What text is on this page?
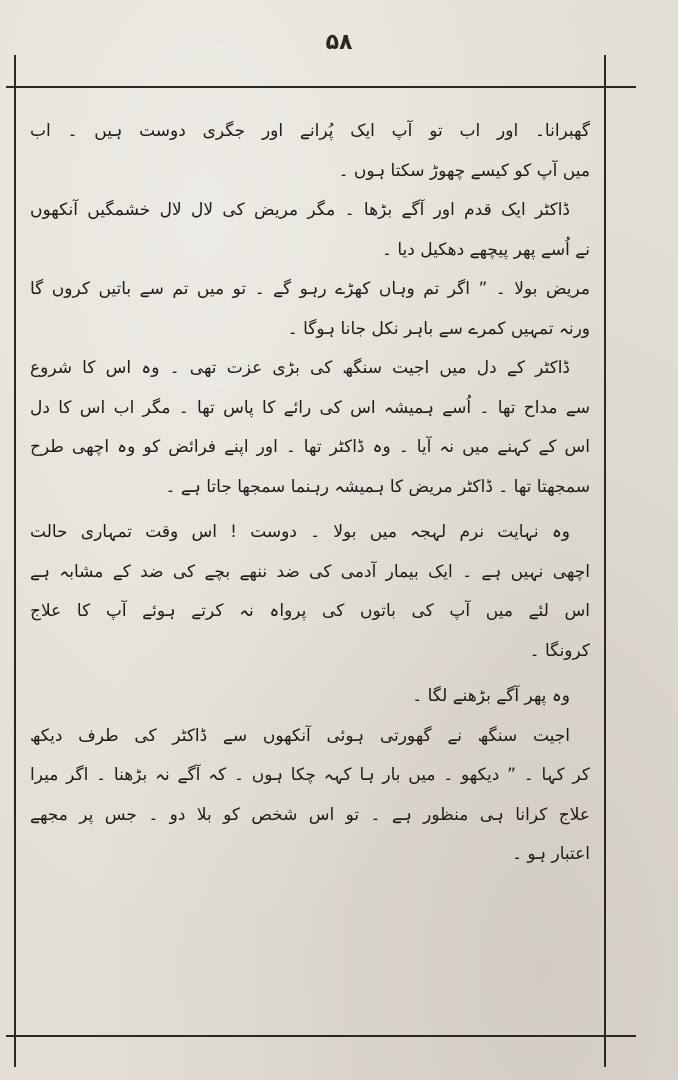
۵۸
گھبرانا۔ اور اب تو آپ ایک پُرانے اور جگری دوست ہیں ۔ اب
میں آپ کو کیسے چھوڑ سکتا ہوں ۔
ڈاکٹر ایک قدم اور آگے بڑھا ۔ مگر مریض کی لال لال خشمگیں آنکھوں
نے اُسے پھر پیچھے دھکیل دیا ۔
مریض بولا ۔ ” اگر تم وہاں کھڑے رہو گے ۔ تو میں تم سے باتیں کروں گا
ورنہ تمہیں کمرے سے باہر نکل جانا ہوگا ۔
ڈاکٹر کے دل میں اجیت سنگھ کی بڑی عزت تھی ۔ وہ اس کا شروع
سے مداح تھا ۔ اُسے ہمیشہ اس کی رائے کا پاس تھا ۔ مگر اب اس کا دل
اس کے کہنے میں نہ آیا ۔ وہ ڈاکٹر تھا ۔ اور اپنے فرائض کو وہ اچھی طرح
سمجھتا تھا ۔ ڈاکٹر مریض کا ہمیشہ رہنما سمجھا جاتا ہے ۔
وہ نہایت نرم لہجہ میں بولا ۔ دوست ! اس وقت تمہاری حالت
اچھی نہیں ہے ۔ ایک بیمار آدمی کی ضد ننھے بچے کی ضد کے مشابہ ہے
اس لئے میں آپ کی باتوں کی پرواہ نہ کرتے ہوئے آپ کا علاج
کرونگا ۔
وہ پھر آگے بڑھنے لگا ۔
اجیت سنگھ نے گھورتی ہوئی آنکھوں سے ڈاکٹر کی طرف دیکھ
کر کہا ۔ ” دیکھو ۔ میں بار ہا کہہ چکا ہوں ۔ کہ آگے نہ بڑھنا ۔ اگر میرا
علاج کرانا ہی منظور ہے ۔ تو اس شخص کو بلا دو ۔ جس پر مجھے
اعتبار ہو ۔
